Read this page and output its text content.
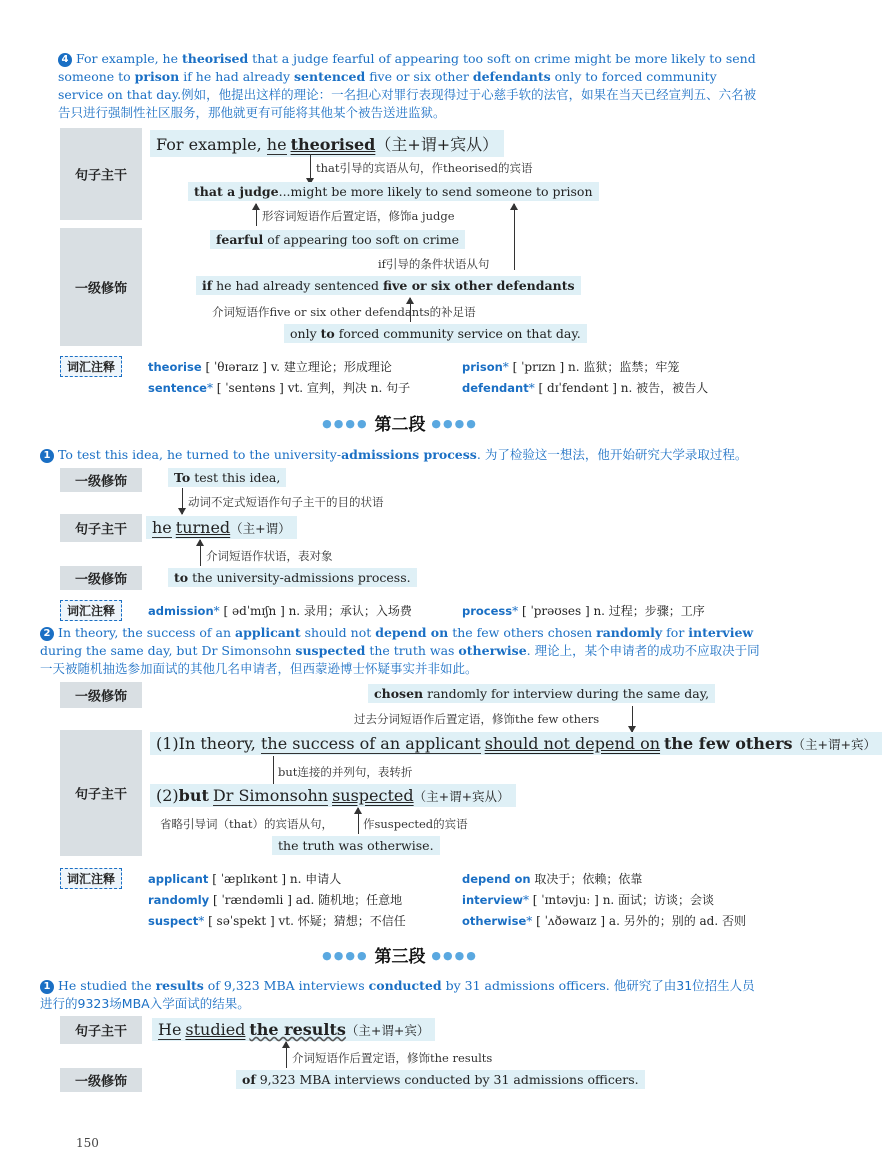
4 For example, he theorised that a judge fearful of appearing too soft on crime might be more likely to send someone to prison if he had already sentenced five or six other defendants only to forced community service on that day.例如，他提出这样的理论：一名担心对罪行表现得过于心慈手软的法官，如果在当天已经宣判五、六名被告只进行强制性社区服务，那他就更有可能将其他某个被告送进监狱。
句子主干
一级修饰
For example, he theorised（主+谓+宾从）
that引导的宾语从句，作theorised的宾语
that a judge...might be more likely to send someone to prison
形容词短语作后置定语，修饰a judge
fearful of appearing too soft on crime
if引导的条件状语从句
if he had already sentenced five or six other defendants
介词短语作five or six other defendants的补足语
only to forced community service on that day.
词汇注释	theorise [ ˈθɪəraɪz ] v. 建立理论；形成理论	prison* [ ˈprɪzn ] n. 监狱；监禁；牢笼
sentence* [ ˈsentəns ] vt. 宣判，判决 n. 句子	defendant* [ dɪˈfendənt ] n. 被告，被告人
●●●● 第二段 ●●●●
1 To test this idea, he turned to the university-admissions process. 为了检验这一想法，他开始研究大学录取过程。
一级修饰
句子主干
一级修饰
To test this idea,
动词不定式短语作句子主干的目的状语
he turned（主+谓）
介词短语作状语，表对象
to the university-admissions process.
词汇注释	admission* [ ədˈmɪʃn ] n. 录用；承认；入场费	process* [ ˈprəʊses ] n. 过程；步骤；工序
2 In theory, the success of an applicant should not depend on the few others chosen randomly for interview during the same day, but Dr Simonsohn suspected the truth was otherwise. 理论上，某个申请者的成功不应取决于同一天被随机抽选参加面试的其他几名申请者，但西蒙逊博士怀疑事实并非如此。
一级修饰
句子主干
chosen randomly for interview during the same day,
过去分词短语作后置定语，修饰the few others
(1)In theory, the success of an applicant should not depend on the few others（主+谓+宾）
but连接的并列句，表转折
(2)but Dr Simonsohn suspected（主+谓+宾从）
省略引导词（that）的宾语从句，	作suspected的宾语
the truth was otherwise.
词汇注释	applicant [ ˈæplɪkənt ] n. 申请人	depend on 取决于；依赖；依靠
randomly [ ˈrændəmli ] ad. 随机地；任意地	interview* [ ˈɪntəvjuː ] n. 面试；访谈；会谈
suspect* [ səˈspekt ] vt. 怀疑；猜想；不信任	otherwise* [ ˈʌðəwaɪz ] a. 另外的；别的 ad. 否则
●●●● 第三段 ●●●●
1 He studied the results of 9,323 MBA interviews conducted by 31 admissions officers. 他研究了由31位招生人员进行的9323场MBA入学面试的结果。
句子主干
一级修饰
He studied the results（主+谓+宾）
介词短语作后置定语，修饰the results
of 9,323 MBA interviews conducted by 31 admissions officers.
150
